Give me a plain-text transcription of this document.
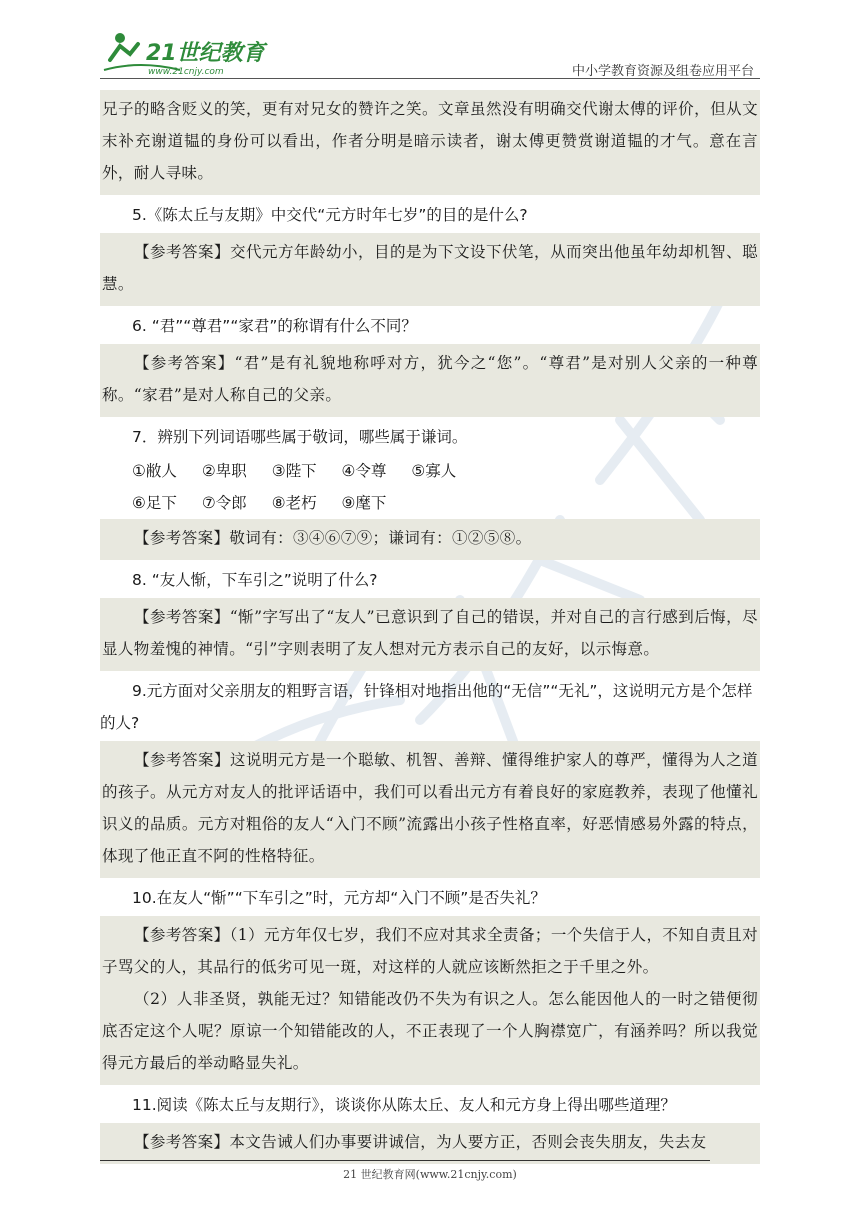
21世纪教育
www.21cnjy.com	中小学教育资源及组卷应用平台
兄子的略含贬义的笑，更有对兄女的赞许之笑。文章虽然没有明确交代谢太傅的评价，但从文末补充谢道韫的身份可以看出，作者分明是暗示读者，谢太傅更赞赏谢道韫的才气。意在言外，耐人寻味。
5.《陈太丘与友期》中交代“元方时年七岁”的目的是什么?
【参考答案】交代元方年龄幼小，目的是为下文设下伏笔，从而突出他虽年幼却机智、聪慧。
6. “君”“尊君”“家君”的称谓有什么不同？
【参考答案】“君”是有礼貌地称呼对方，犹今之“您”。“尊君”是对别人父亲的一种尊称。“家君”是对人称自己的父亲。
7．辨别下列词语哪些属于敬词，哪些属于谦词。
①敝人 ②卑职 ③陛下 ④令尊 ⑤寡人
⑥足下 ⑦令郎 ⑧老朽 ⑨麾下
【参考答案】敬词有：③④⑥⑦⑨；谦词有：①②⑤⑧。
8. “友人惭，下车引之”说明了什么?
【参考答案】“惭”字写出了“友人”已意识到了自己的错误，并对自己的言行感到后悔，尽显人物羞愧的神情。“引”字则表明了友人想对元方表示自己的友好，以示悔意。
9.元方面对父亲朋友的粗野言语，针锋相对地指出他的“无信”“无礼”，这说明元方是个怎样的人?
【参考答案】这说明元方是一个聪敏、机智、善辩、懂得维护家人的尊严，懂得为人之道的孩子。从元方对友人的批评话语中，我们可以看出元方有着良好的家庭教养，表现了他懂礼识义的品质。元方对粗俗的友人“入门不顾”流露出小孩子性格直率，好恶情感易外露的特点，体现了他正直不阿的性格特征。
10.在友人“惭”“下车引之”时，元方却“入门不顾”是否失礼？
【参考答案】（1）元方年仅七岁，我们不应对其求全责备；一个失信于人，不知自责且对子骂父的人，其品行的低劣可见一斑，对这样的人就应该断然拒之于千里之外。
（2）人非圣贤，孰能无过？知错能改仍不失为有识之人。怎么能因他人的一时之错便彻底否定这个人呢？原谅一个知错能改的人，不正表现了一个人胸襟宽广，有涵养吗？所以我觉得元方最后的举动略显失礼。
11.阅读《陈太丘与友期行》，谈谈你从陈太丘、友人和元方身上得出哪些道理？
【参考答案】本文告诫人们办事要讲诚信，为人要方正，否则会丧失朋友，失去友
21 世纪教育网(www.21cnjy.com)
